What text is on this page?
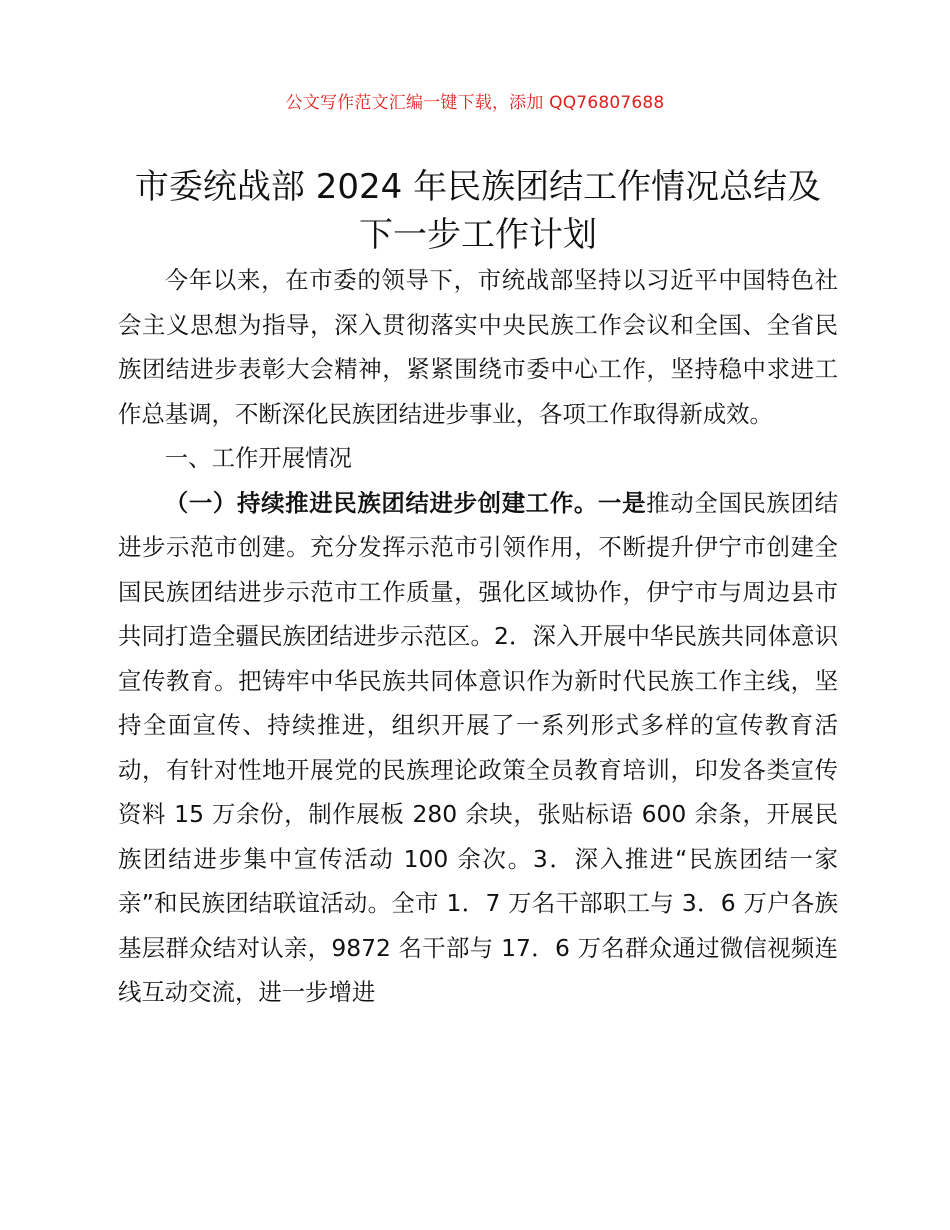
公文写作范文汇编一键下载，添加 QQ76807688
市委统战部 2024 年民族团结工作情况总结及下一步工作计划

今年以来，在市委的领导下，市统战部坚持以习近平中国特色社会主义思想为指导，深入贯彻落实中央民族工作会议和全国、全省民族团结进步表彰大会精神，紧紧围绕市委中心工作，坚持稳中求进工作总基调，不断深化民族团结进步事业，各项工作取得新成效。

一、工作开展情况

（一）持续推进民族团结进步创建工作。一是推动全国民族团结进步示范市创建。充分发挥示范市引领作用，不断提升伊宁市创建全国民族团结进步示范市工作质量，强化区域协作，伊宁市与周边县市共同打造全疆民族团结进步示范区。2．深入开展中华民族共同体意识宣传教育。把铸牢中华民族共同体意识作为新时代民族工作主线，坚持全面宣传、持续推进，组织开展了一系列形式多样的宣传教育活动，有针对性地开展党的民族理论政策全员教育培训，印发各类宣传资料 15 万余份，制作展板 280 余块，张贴标语 600 余条，开展民族团结进步集中宣传活动 100 余次。3．深入推进“民族团结一家亲”和民族团结联谊活动。全市 1．7 万名干部职工与 3．6 万户各族基层群众结对认亲，9872 名干部与 17．6 万名群众通过微信视频连线互动交流，进一步增进
